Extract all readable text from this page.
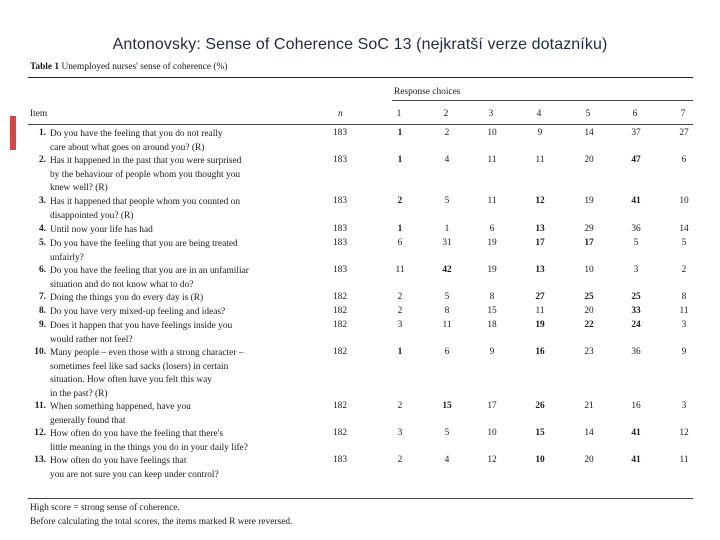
Antonovsky: Sense of Coherence SoC 13 (nejkratší verze dotazníku)
Table 1 Unemployed nurses' sense of coherence (%)
Response choices
Item	n	1	2	3	4	5	6	7
1. Do you have the feeling that you do not really
care about what goes on around you? (R)
183	1	2	10	9	14	37	27
2. Has it happened in the past that you were surprised
by the behaviour of people whom you thought you
knew well? (R)
183	1	4	11	11	20	47	6
3. Has it happened that people whom you counted on
disappointed you? (R)
183	2	5	11	12	19	41	10
4. Until now your life has had	183	1	1	6	13	29	36	14
5. Do you have the feeling that you are being treated
unfairly?
183	6	31	19	17	17	5	5
6. Do you have the feeling that you are in an unfamiliar
situation and do not know what to do?
183	11	42	19	13	10	3	2
7. Doing the things you do every day is (R)	182	2	5	8	27	25	25	8
8. Do you have very mixed-up feeling and ideas?	182	2	8	15	11	20	33	11
9. Does it happen that you have feelings inside you
would rather not feel?
182	3	11	18	19	22	24	3
10. Many people – even those with a strong character –
sometimes feel like sad sacks (losers) in certain
situation. How often have you felt this way
in the past? (R)
182	1	6	9	16	23	36	9
11. When something happened, have you
generally found that
182	2	15	17	26	21	16	3
12. How often do you have the feeling that there's
little meaning in the things you do in your daily life?
182	3	5	10	15	14	41	12
13. How often do you have feelings that
you are not sure you can keep under control?
183	2	4	12	10	20	41	11
High score = strong sense of coherence.
Before calculating the total scores, the items marked R were reversed.
